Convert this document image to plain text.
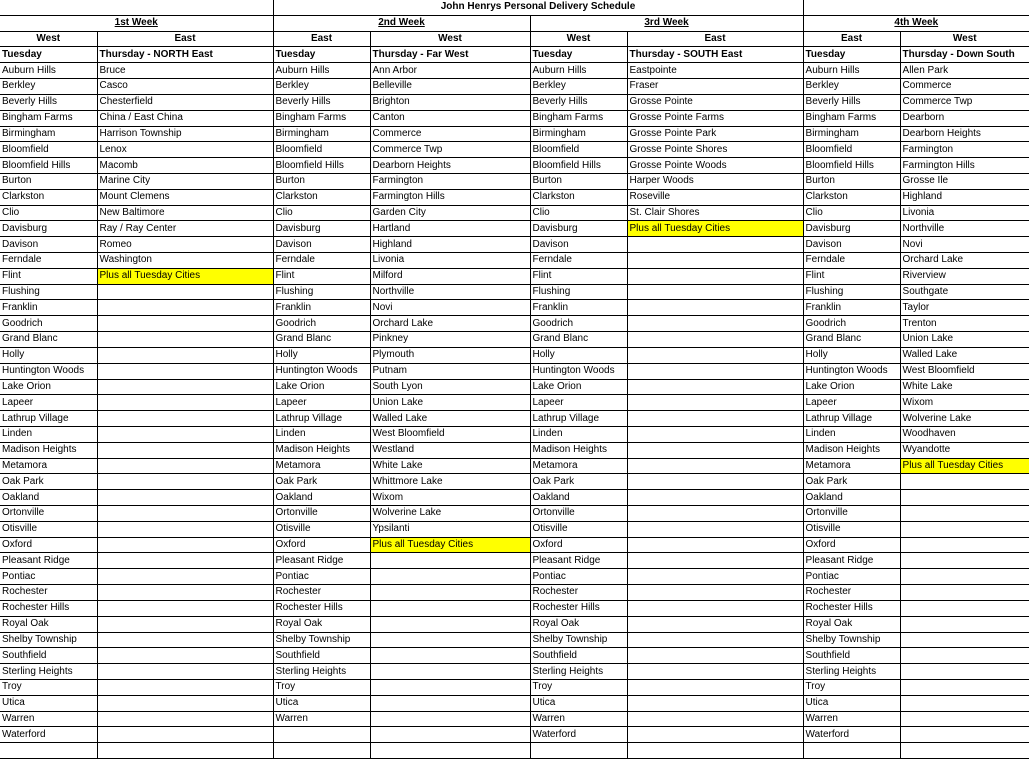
		John Henrys Personal Delivery Schedule					
1st Week		2nd Week		3rd Week		4th Week	
West	East	East	West	West	East	East	West
Tuesday	Thursday - NORTH East	Tuesday	Thursday - Far West	Tuesday	Thursday - SOUTH East	Tuesday	Thursday - Down South
Auburn Hills	Bruce	Auburn Hills	Ann Arbor	Auburn Hills	Eastpointe	Auburn Hills	Allen Park
Berkley	Casco	Berkley	Belleville	Berkley	Fraser	Berkley	Commerce
Beverly Hills	Chesterfield	Beverly Hills	Brighton	Beverly Hills	Grosse Pointe	Beverly Hills	Commerce Twp
Bingham Farms	China / East China	Bingham Farms	Canton	Bingham Farms	Grosse Pointe Farms	Bingham Farms	Dearborn
Birmingham	Harrison Township	Birmingham	Commerce	Birmingham	Grosse Pointe Park	Birmingham	Dearborn Heights
Bloomfield	Lenox	Bloomfield	Commerce Twp	Bloomfield	Grosse Pointe Shores	Bloomfield	Farmington
Bloomfield Hills	Macomb	Bloomfield Hills	Dearborn Heights	Bloomfield Hills	Grosse Pointe Woods	Bloomfield Hills	Farmington Hills
Burton	Marine City	Burton	Farmington	Burton	Harper Woods	Burton	Grosse Ile
Clarkston	Mount Clemens	Clarkston	Farmington Hills	Clarkston	Roseville	Clarkston	Highland
Clio	New Baltimore	Clio	Garden City	Clio	St. Clair Shores	Clio	Livonia
Davisburg	Ray / Ray Center	Davisburg	Hartland	Davisburg	Plus all Tuesday Cities	Davisburg	Northville
Davison	Romeo	Davison	Highland	Davison		Davison	Novi
Ferndale	Washington	Ferndale	Livonia	Ferndale		Ferndale	Orchard Lake
Flint	Plus all Tuesday Cities	Flint	Milford	Flint		Flint	Riverview
Flushing		Flushing	Northville	Flushing		Flushing	Southgate
Franklin		Franklin	Novi	Franklin		Franklin	Taylor
Goodrich		Goodrich	Orchard Lake	Goodrich		Goodrich	Trenton
Grand Blanc		Grand Blanc	Pinkney	Grand Blanc		Grand Blanc	Union Lake
Holly		Holly	Plymouth	Holly		Holly	Walled Lake
Huntington Woods		Huntington Woods	Putnam	Huntington Woods		Huntington Woods	West Bloomfield
Lake Orion		Lake Orion	South Lyon	Lake Orion		Lake Orion	White Lake
Lapeer		Lapeer	Union Lake	Lapeer		Lapeer	Wixom
Lathrup Village		Lathrup Village	Walled Lake	Lathrup Village		Lathrup Village	Wolverine Lake
Linden		Linden	West Bloomfield	Linden		Linden	Woodhaven
Madison Heights		Madison Heights	Westland	Madison Heights		Madison Heights	Wyandotte
Metamora		Metamora	White Lake	Metamora		Metamora	Plus all Tuesday Cities
Oak Park		Oak Park	Whittmore Lake	Oak Park		Oak Park	
Oakland		Oakland	Wixom	Oakland		Oakland	
Ortonville		Ortonville	Wolverine Lake	Ortonville		Ortonville	
Otisville		Otisville	Ypsilanti	Otisville		Otisville	
Oxford		Oxford	Plus all Tuesday Cities	Oxford		Oxford	
Pleasant Ridge		Pleasant Ridge		Pleasant Ridge		Pleasant Ridge	
Pontiac		Pontiac		Pontiac		Pontiac	
Rochester		Rochester		Rochester		Rochester	
Rochester Hills		Rochester Hills		Rochester Hills		Rochester Hills	
Royal Oak		Royal Oak		Royal Oak		Royal Oak	
Shelby Township		Shelby Township		Shelby Township		Shelby Township	
Southfield		Southfield		Southfield		Southfield	
Sterling Heights		Sterling Heights		Sterling Heights		Sterling Heights	
Troy		Troy		Troy		Troy	
Utica		Utica		Utica		Utica	
Warren		Warren		Warren		Warren	
Waterford				Waterford		Waterford	
